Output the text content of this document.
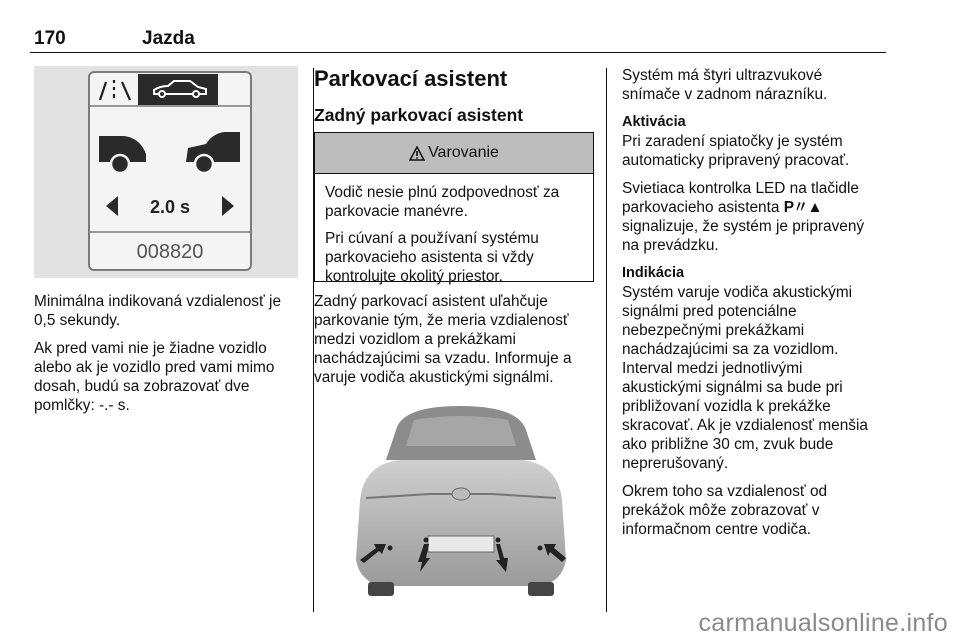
170	Jazda
2.0 s
008820

Minimálna indikovaná vzdialenosť je 0,5 sekundy.

Ak pred vami nie je žiadne vozidlo alebo ak je vozidlo pred vami mimo dosah, budú sa zobrazovať dve pomlčky: -.- s.

Parkovací asistent
Zadný parkovací asistent
Varovanie

Vodič nesie plnú zodpovednosť za parkovacie manévre.

Pri cúvaní a používaní systému parkovacieho asistenta si vždy kontrolujte okolitý priestor.

Zadný parkovací asistent uľahčuje parkovanie tým, že meria vzdialenosť medzi vozidlom a prekážkami nachádzajúcimi sa vzadu. Informuje a varuje vodiča akustickými signálmi.

Systém má štyri ultrazvukové snímače v zadnom nárazníku.

Aktivácia

Pri zaradení spiatočky je systém automaticky pripravený pracovať.

Svietiaca kontrolka LED na tlačidle parkovacieho asistenta P〃▲ signalizuje, že systém je pripravený na prevádzku.

Indikácia

Systém varuje vodiča akustickými signálmi pred potenciálne nebezpečnými prekážkami nachádzajúcimi sa za vozidlom. Interval medzi jednotlivými akustickými signálmi sa bude pri približovaní vozidla k prekážke skracovať. Ak je vzdialenosť menšia ako približne 30 cm, zvuk bude neprerušovaný.

Okrem toho sa vzdialenosť od prekážok môže zobrazovať v informačnom centre vodiča.

carmanualsonline.info
